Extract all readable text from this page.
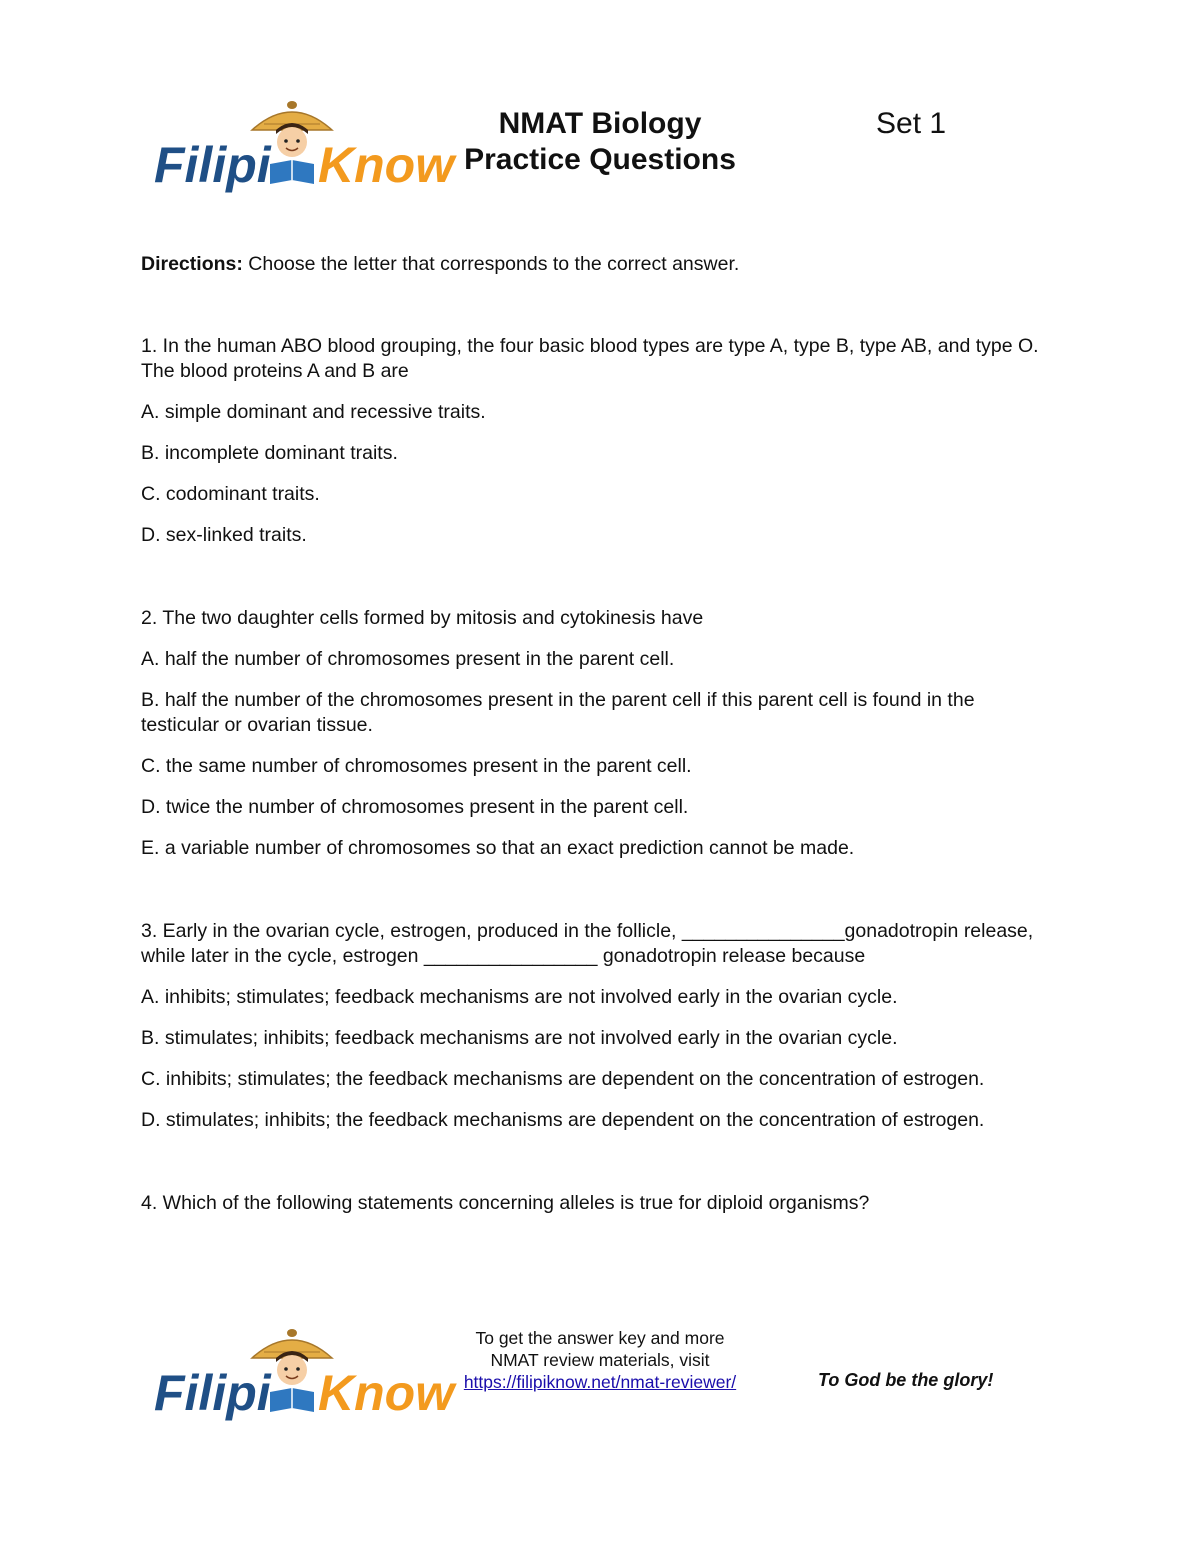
Filipi Know
NMAT Biology
Practice Questions
Set 1
Directions: Choose the letter that corresponds to the correct answer.
1. In the human ABO blood grouping, the four basic blood types are type A, type B, type AB, and type O. The blood proteins A and B are
A. simple dominant and recessive traits.
B. incomplete dominant traits.
C. codominant traits.
D. sex-linked traits.
2. The two daughter cells formed by mitosis and cytokinesis have
A. half the number of chromosomes present in the parent cell.
B. half the number of the chromosomes present in the parent cell if this parent cell is found in the testicular or ovarian tissue.
C. the same number of chromosomes present in the parent cell.
D. twice the number of chromosomes present in the parent cell.
E. a variable number of chromosomes so that an exact prediction cannot be made.
3. Early in the ovarian cycle, estrogen, produced in the follicle, _______________gonadotropin release, while later in the cycle, estrogen ________________ gonadotropin release because
A. inhibits; stimulates; feedback mechanisms are not involved early in the ovarian cycle.
B. stimulates; inhibits; feedback mechanisms are not involved early in the ovarian cycle.
C. inhibits; stimulates; the feedback mechanisms are dependent on the concentration of estrogen.
D. stimulates; inhibits; the feedback mechanisms are dependent on the concentration of estrogen.
4. Which of the following statements concerning alleles is true for diploid organisms?
Filipi Know
To get the answer key and more
NMAT review materials, visit
https://filipiknow.net/nmat-reviewer/	To God be the glory!
